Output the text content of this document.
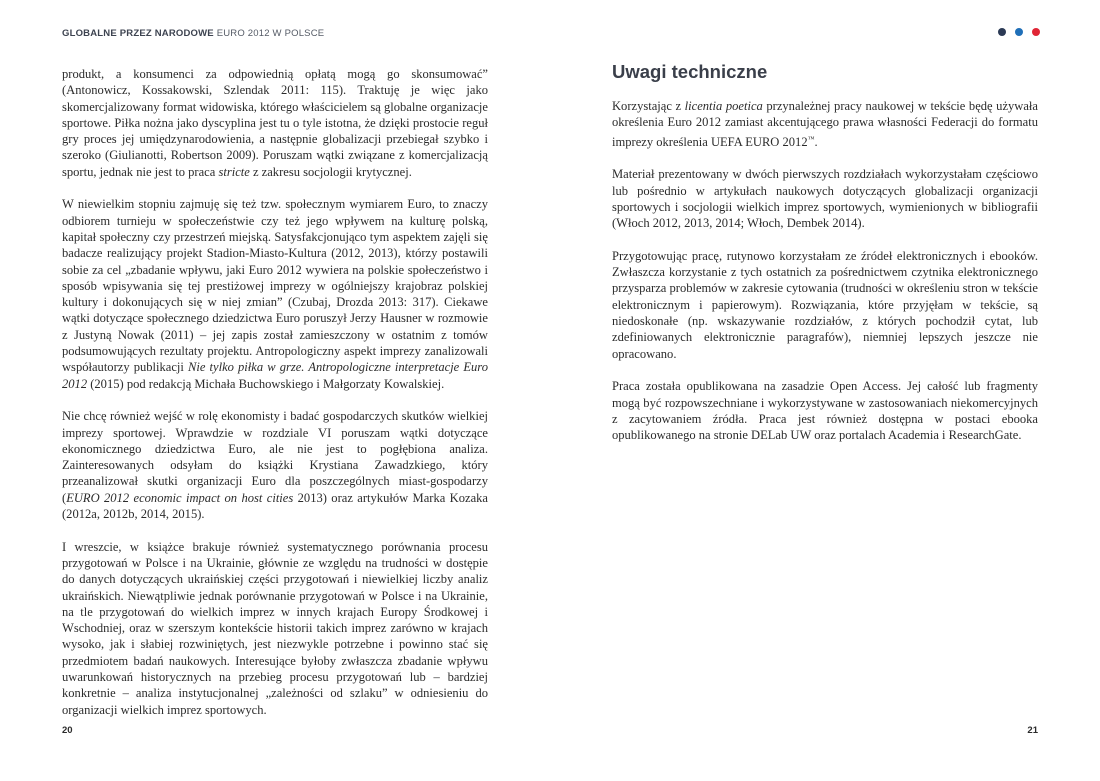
GLOBALNE PRZEZ NARODOWE EURO 2012 W POLSCE

produkt, a konsumenci za odpowiednią opłatą mogą go skonsumować” (Antonowicz, Kossakowski, Szlendak 2011: 115). Traktuję je więc jako skomercjalizowany format widowiska, którego właścicielem są globalne organizacje sportowe. Piłka nożna jako dyscyplina jest tu o tyle istotna, że dzięki prostocie reguł gry proces jej umiędzynarodowienia, a następnie globalizacji przebiegał szybko i szeroko (Giulianotti, Robertson 2009). Poruszam wątki związane z komercjalizacją sportu, jednak nie jest to praca stricte z zakresu socjologii krytycznej.

W niewielkim stopniu zajmuję się też tzw. społecznym wymiarem Euro, to znaczy odbiorem turnieju w społeczeństwie czy też jego wpływem na kulturę polską, kapitał społeczny czy przestrzeń miejską. Satysfakcjonująco tym aspektem zajęli się badacze realizujący projekt Stadion-Miasto-Kultura (2012, 2013), którzy postawili sobie za cel „zbadanie wpływu, jaki Euro 2012 wywiera na polskie społeczeństwo i sposób wpisywania się tej prestiżowej imprezy w ogólniejszy krajobraz polskiej kultury i dokonujących się w niej zmian” (Czubaj, Drozda 2013: 317). Ciekawe wątki dotyczące społecznego dziedzictwa Euro poruszył Jerzy Hausner w rozmowie z Justyną Nowak (2011) – jej zapis został zamieszczony w ostatnim z tomów podsumowujących rezultaty projektu. Antropologiczny aspekt imprezy zanalizowali współautorzy publikacji Nie tylko piłka w grze. Antropologiczne interpretacje Euro 2012 (2015) pod redakcją Michała Buchowskiego i Małgorzaty Kowalskiej.

Nie chcę również wejść w rolę ekonomisty i badać gospodarczych skutków wielkiej imprezy sportowej. Wprawdzie w rozdziale VI poruszam wątki dotyczące ekonomicznego dziedzictwa Euro, ale nie jest to pogłębiona analiza. Zainteresowanych odsyłam do książki Krystiana Zawadzkiego, który przeanalizował skutki organizacji Euro dla poszczególnych miast-gospodarzy (EURO 2012 economic impact on host cities 2013) oraz artykułów Marka Kozaka (2012a, 2012b, 2014, 2015).

I wreszcie, w książce brakuje również systematycznego porównania procesu przygotowań w Polsce i na Ukrainie, głównie ze względu na trudności w dostępie do danych dotyczących ukraińskiej części przygotowań i niewielkiej liczby analiz ukraińskich. Niewątpliwie jednak porównanie przygotowań w Polsce i na Ukrainie, na tle przygotowań do wielkich imprez w innych krajach Europy Środkowej i Wschodniej, oraz w szerszym kontekście historii takich imprez zarówno w krajach wysoko, jak i słabiej rozwiniętych, jest niezwykle potrzebne i powinno stać się przedmiotem badań naukowych. Interesujące byłoby zwłaszcza zbadanie wpływu uwarunkowań historycznych na przebieg procesu przygotowań lub – bardziej konkretnie – analiza instytucjonalnej „zależności od szlaku” w odniesieniu do organizacji wielkich imprez sportowych.

20
Uwagi techniczne

Korzystając z licentia poetica przynależnej pracy naukowej w tekście będę używała określenia Euro 2012 zamiast akcentującego prawa własności Federacji do formatu imprezy określenia UEFA EURO 2012™.

Materiał prezentowany w dwóch pierwszych rozdziałach wykorzystałam częściowo lub pośrednio w artykułach naukowych dotyczących globalizacji organizacji sportowych i socjologii wielkich imprez sportowych, wymienionych w bibliografii (Włoch 2012, 2013, 2014; Włoch, Dembek 2014).

Przygotowując pracę, rutynowo korzystałam ze źródeł elektronicznych i ebooków. Zwłaszcza korzystanie z tych ostatnich za pośrednictwem czytnika elektronicznego przysparza problemów w zakresie cytowania (trudności w określeniu stron w tekście elektronicznym i papierowym). Rozwiązania, które przyjęłam w tekście, są niedoskonałe (np. wskazywanie rozdziałów, z których pochodził cytat, lub zdefiniowanych elektronicznie paragrafów), niemniej lepszych jeszcze nie opracowano.

Praca została opublikowana na zasadzie Open Access. Jej całość lub fragmenty mogą być rozpowszechniane i wykorzystywane w zastosowaniach niekomercyjnych z zacytowaniem źródła. Praca jest również dostępna w postaci ebooka opublikowanego na stronie DELab UW oraz portalach Academia i ResearchGate.

21
